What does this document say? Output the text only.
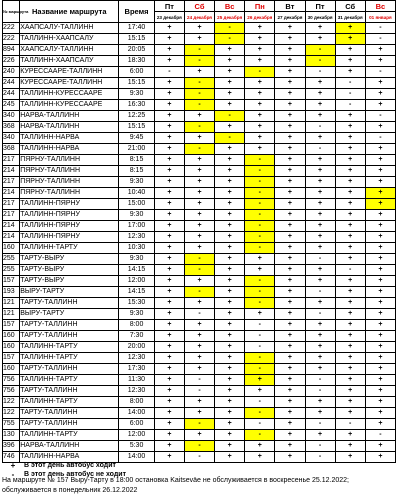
№ маршрута	Название маршрута	Время	Пт	Сб	Вс	Пн	Вт	Пт	Сб	Вс
			23 декабря	24 декабря	25 декабря	26 декабря	27 декабря	30 декабря	31 декабря	01 января
222	ХААПСАЛУ-ТАЛЛИНН	17:40	+	+	-	+	+	+	+	-
222	ТАЛЛИНН-ХААПСАЛУ	15:15	+	+	-	+	+	+	+	-
894	ХААПСАЛУ-ТАЛЛИНН	20:05	+	-	+	+	+	-	+	+
226	ТАЛЛИНН-ХААПСАЛУ	18:30	+	-	+	+	+	-	+	+
240	КУРЕССААРЕ-ТАЛЛИНН	6:00	-	+	+	-	+	-	+	-
244	КУРЕССААРЕ-ТАЛЛИНН	15:15	+	-	+	+	+	+	-	+
244	ТАЛЛИНН-КУРЕССААРЕ	9:30	+	-	+	+	+	+	-	+
245	ТАЛЛИНН-КУРЕССААРЕ	16:30	+	-	+	+	+	+	-	+
340	НАРВА-ТАЛЛИНН	12:25	+	+	-	+	+	+	+	-
368	НАРВА-ТАЛЛИНН	15:15	+	-	+	+	+	-	+	+
340	ТАЛЛИНН-НАРВА	9:45	+	+	-	+	+	+	+	-
368	ТАЛЛИНН-НАРВА	21:00	+	-	+	+	+	-	+	+
217	ПЯРНУ-ТАЛЛИНН	8:15	+	+	+	-	+	+	+	+
214	ПЯРНУ-ТАЛЛИНН	8:15	+	+	+	-	+	+	+	+
217	ПЯРНУ-ТАЛЛИНН	9:30	+	+	+	-	+	+	+	+
214	ПЯРНУ-ТАЛЛИНН	10:40	+	+	+	-	+	+	+	+
217	ТАЛЛИНН-ПЯРНУ	15:00	+	+	+	-	+	+	+	+
217	ТАЛЛИНН-ПЯРНУ	9:30	+	+	+	-	+	+	+	+
214	ТАЛЛИНН-ПЯРНУ	17:00	+	+	+	-	+	+	+	+
214	ТАЛЛИНН-ПЯРНУ	12:30	+	+	+	-	+	+	+	+
160	ТАЛЛИНН-ТАРТУ	10:30	+	+	+	-	+	+	+	+
255	ТАРТУ-ВЫРУ	9:30	+	-	+	+	+	-	+	+
255	ТАРТУ-ВЫРУ	14:15	+	-	+	+	+	+	-	+
157	ТАРТУ-ВЫРУ	12:00	+	+	+	-	+	+	+	+
193	ВЫРУ-ТАРТУ	14:15	+	-	+	-	+	-	+	+
121	ТАРТУ-ТАЛЛИНН	15:30	+	+	+	-	+	+	+	+
121	ВЫРУ-ТАРТУ	9:30	+	-	+	+	+	-	+	+
157	ТАРТУ-ТАЛЛИНН	8:00	+	+	+	-	+	+	+	+
160	ТАРТУ-ТАЛЛИНН	7:30	+	+	+	-	+	+	+	+
160	ТАЛЛИНН-ТАРТУ	20:00	+	+	+	-	+	+	+	+
157	ТАЛЛИНН-ТАРТУ	12:30	+	+	+	-	+	+	+	+
160	ТАРТУ-ТАЛЛИНН	17:30	+	+	+	-	+	+	+	+
756	ТАЛЛИНН-ТАРТУ	11:30	+	-	+	+	+	-	+	+
756	ТАРТУ-ТАЛЛИНН	12:30	+	-	+	+	+	-	+	+
122	ТАЛЛИНН-ТАРТУ	8:00	+	+	+	-	+	+	+	+
122	ТАРТУ-ТАЛЛИНН	14:00	+	+	+	-	+	+	+	+
755	ТАРТУ-ТАЛЛИНН	6:00	+	-	+	-	+	-	-	+
130	ТАЛЛИНН-ТАРТУ	12:00	+	+	+	-	+	+	+	-
396	НАРВА-ТАЛЛИНН	5:30	+	-	+	+	+	-	+	+
746	ТАЛЛИНН-НАРВА	14:00	+	-	+	+	+	-	+	+
+	В этот день автобус ходит
-	В этот день автобус не ходит
На маршруте № 157 Выру-Тарту в 18:00 остановка Kaitseväe не обслуживается в воскресенье 25.12.2022; обслуживается в понедельник 26.12.2022
